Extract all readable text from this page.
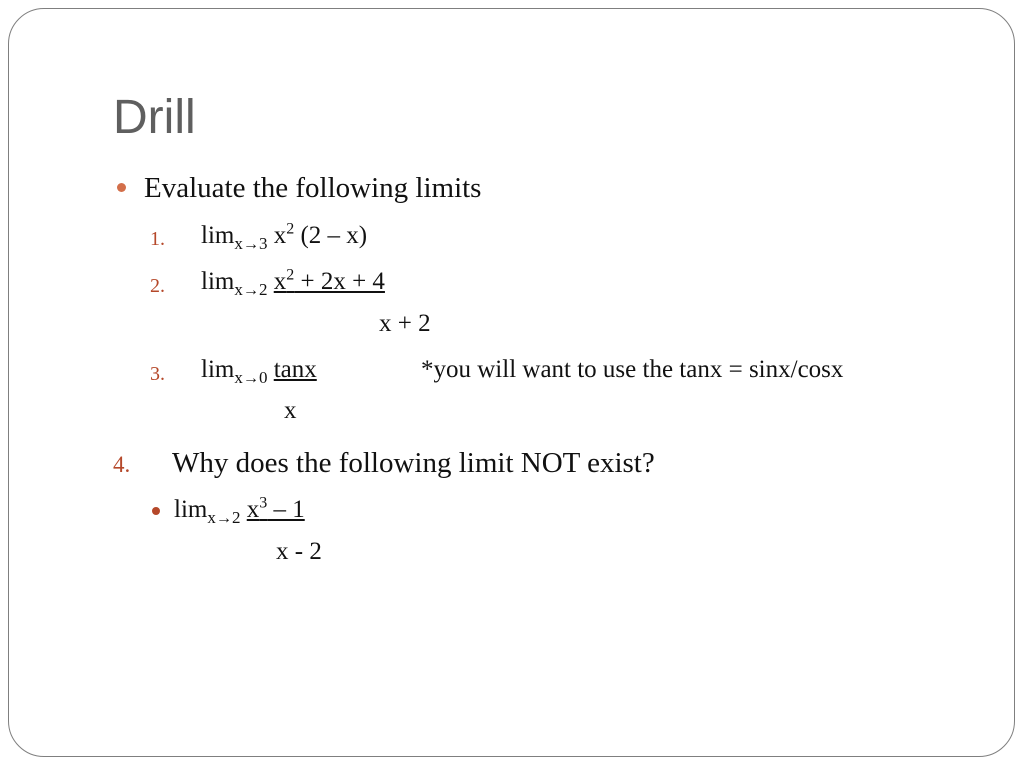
Drill
Evaluate the following limits
1. $\lim_{x\to 3} x^2$ (2 – x)
2. $\lim_{x\to 2} x^2 + 2x + 4$
x + 2
3. $\lim_{x\to 0} \tan x$	*you will want to use the tanx = sinx/cosx
x
4. Why does the following limit NOT exist?
$\lim_{x\to 2} x^3 - 1$
x - 2
